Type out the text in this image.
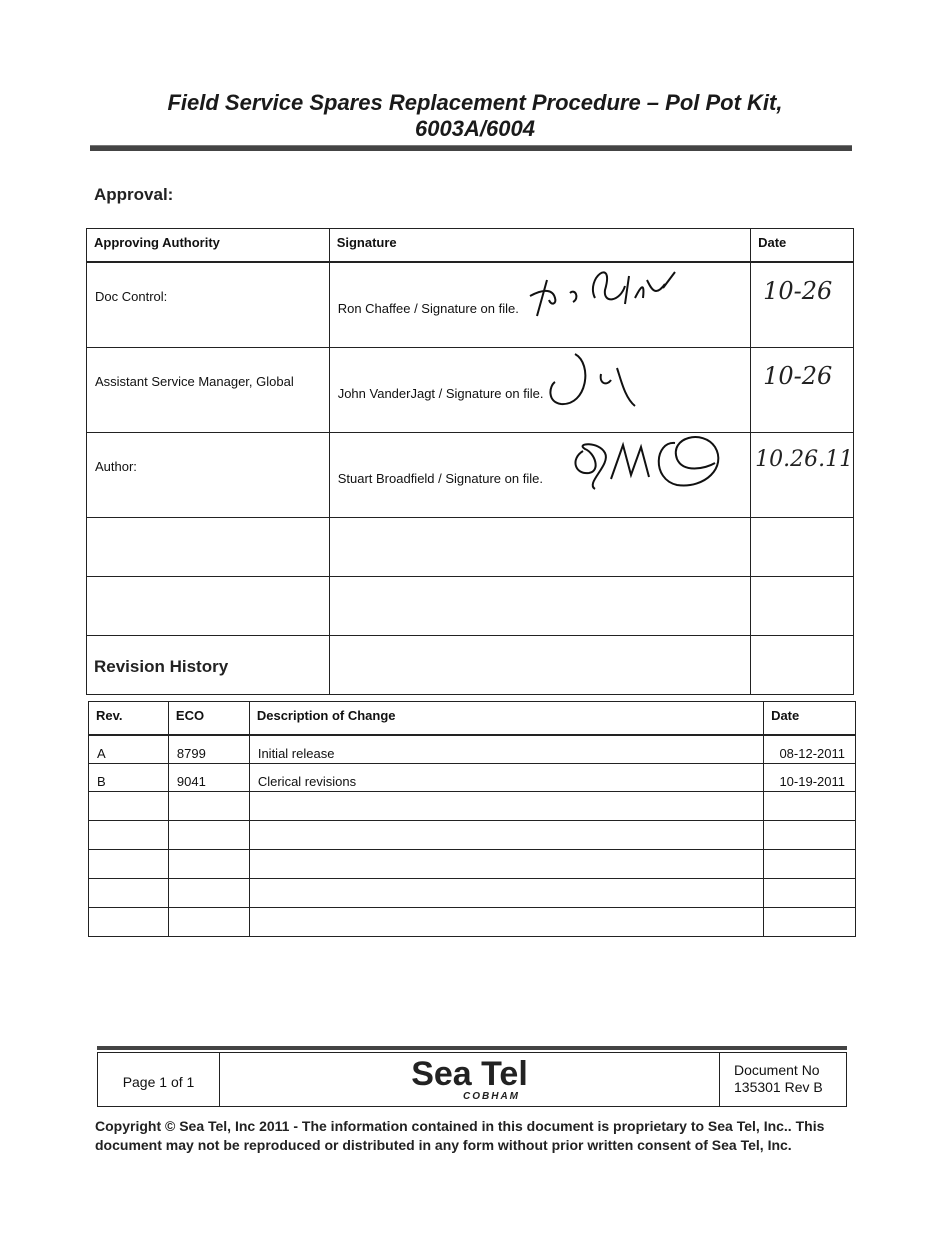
Field Service Spares Replacement Procedure – Pol Pot Kit,
6003A/6004
Approval:
Approving Authority	Signature	Date
Doc Control:	Ron Chaffee / Signature on file.	10-26

Assistant Service Manager, Global	John VanderJagt / Signature on file.	10-26

Author:	Stuart Broadfield / Signature on file.	10.26.11

Revision History
Rev.	ECO	Description of Change	Date
A	8799	Initial release	08-12-2011
B	9041	Clerical revisions	10-19-2011

Page 1 of 1	Sea Tel
COBHAM
Document No
135301 Rev B
Copyright © Sea Tel, Inc 2011 - The information contained in this document is proprietary to Sea Tel, Inc.. This document may not be reproduced or distributed in any form without prior written consent of Sea Tel, Inc.
